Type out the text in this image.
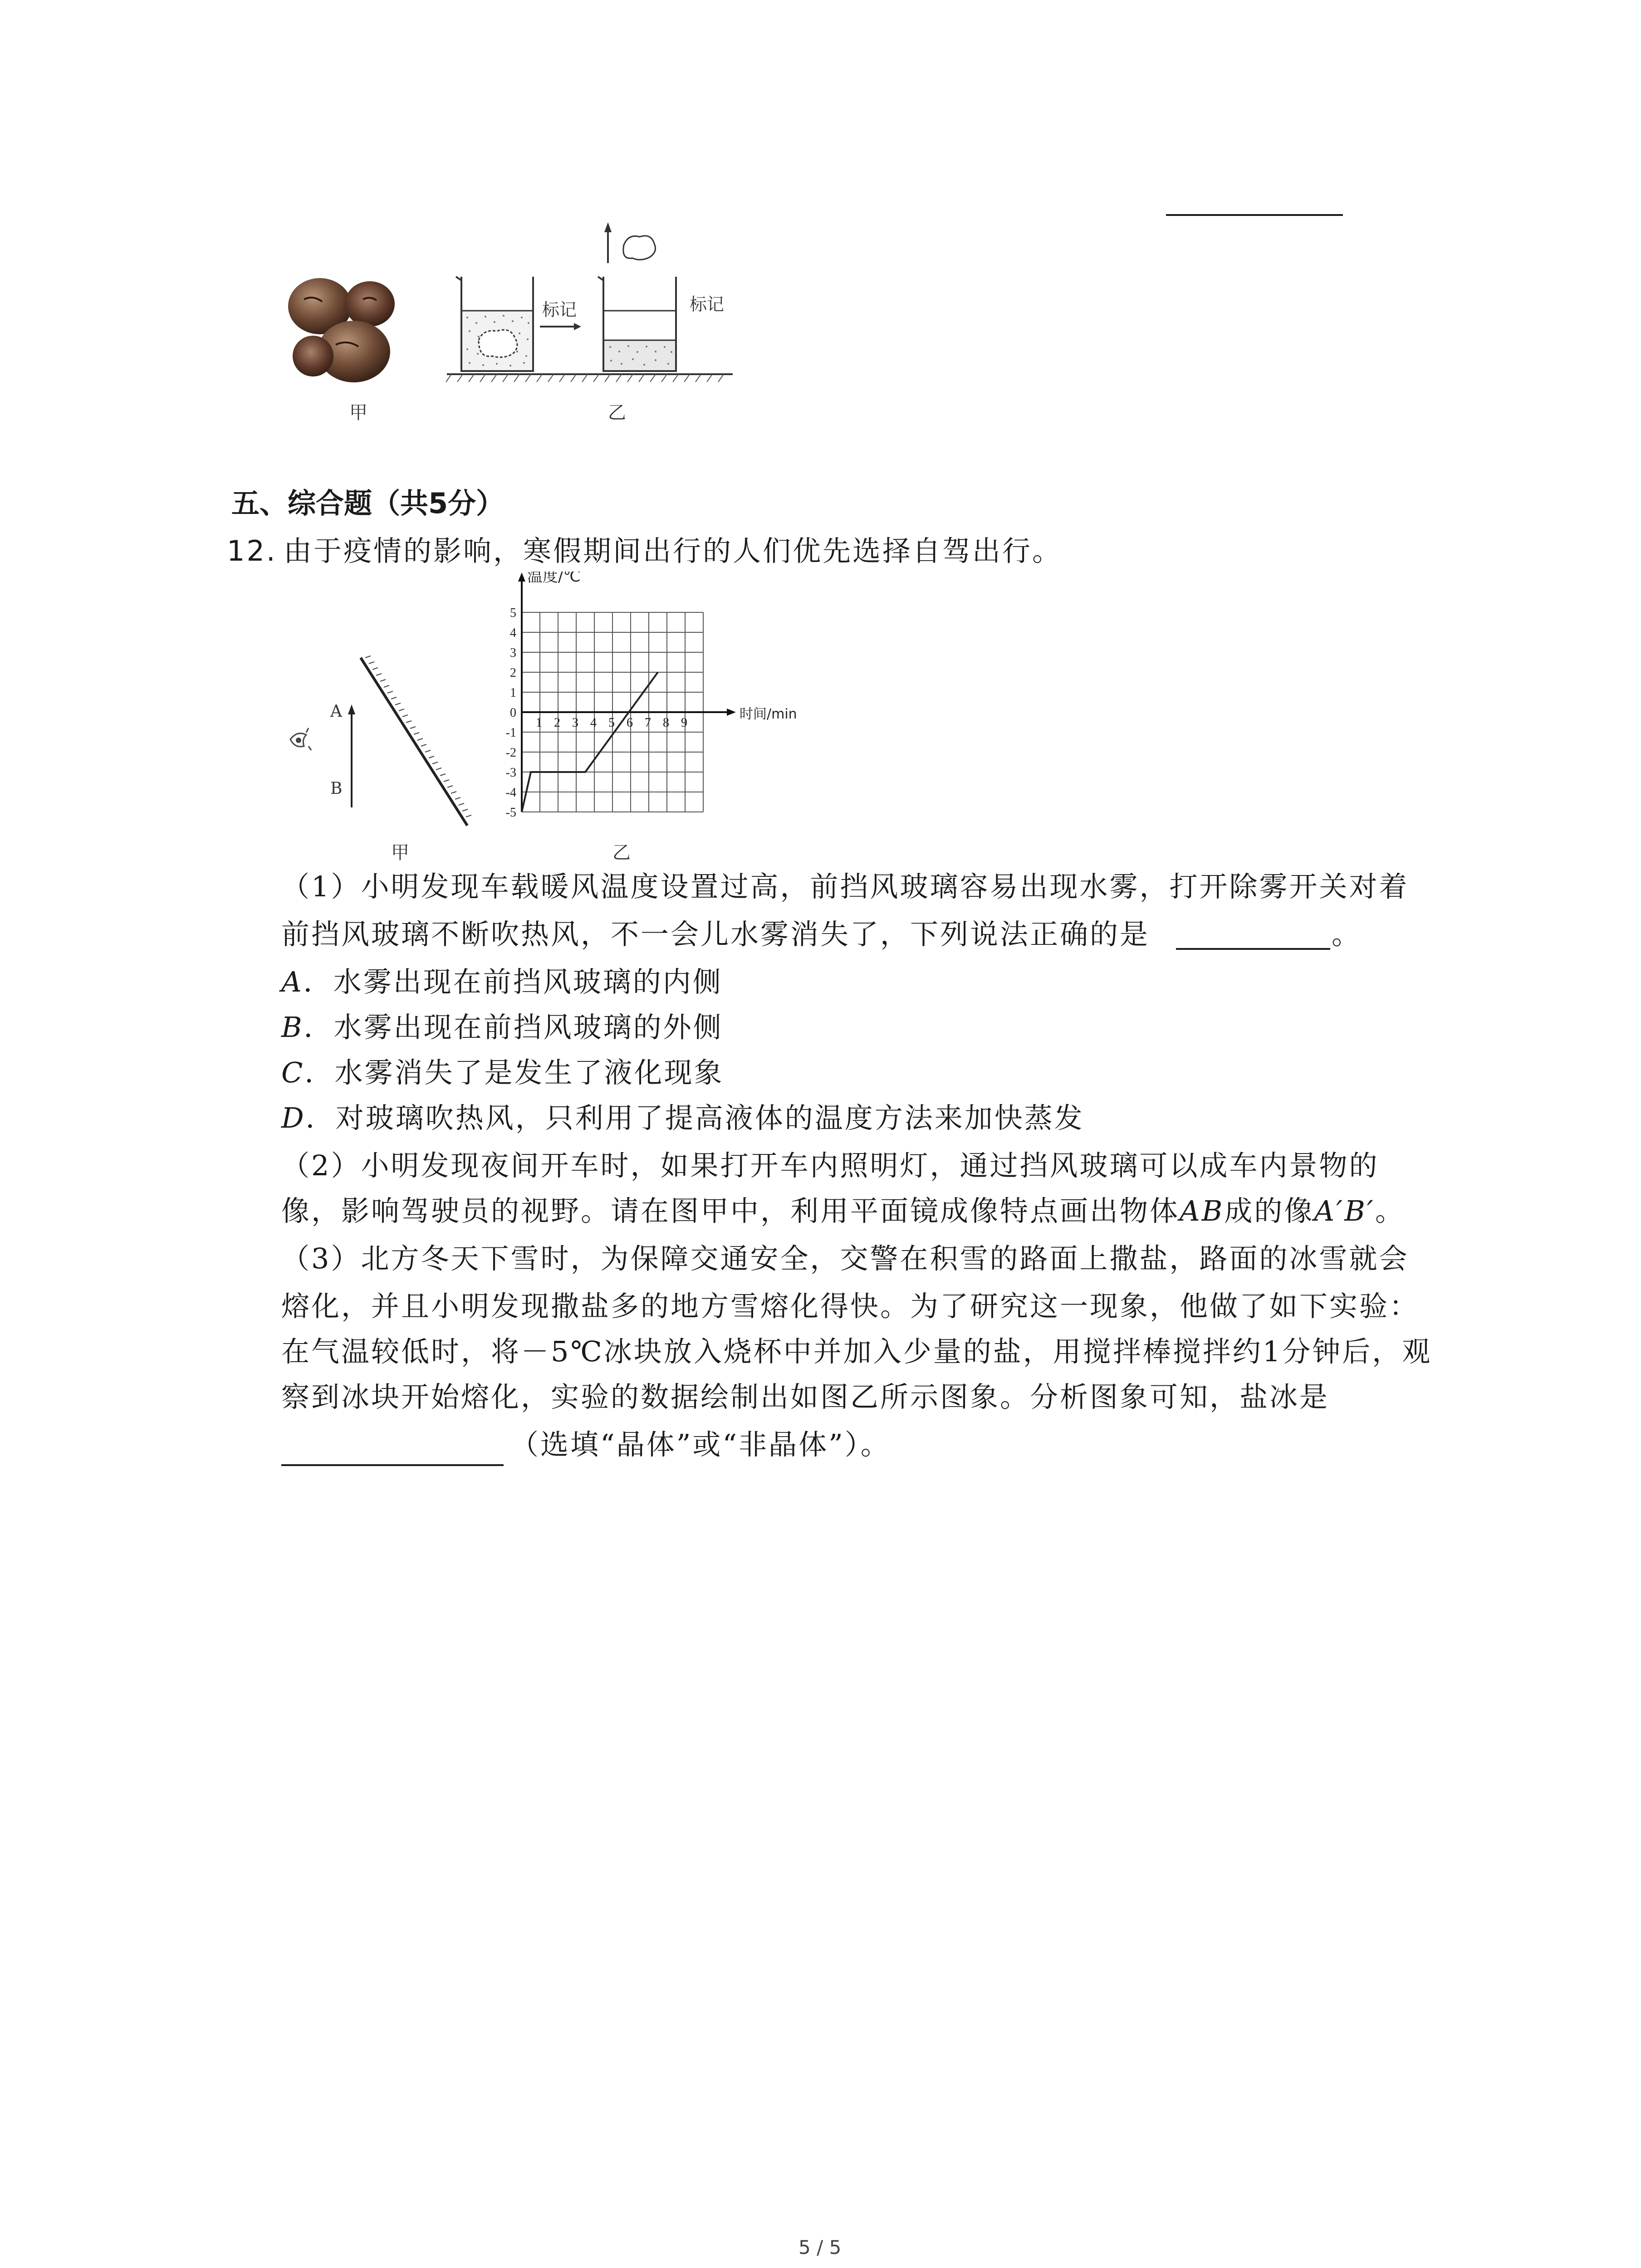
甲
标记	标记
乙
五、综合题（共5分）
12. 由于疫情的影响，寒假期间出行的人们优先选择自驾出行。
A
B
甲
5
4
3
2
1
0
-1
-2
-3
-4
-5
1 2 3 4 5 6 7 8 9
温度/℃
时间/min
乙
（1）小明发现车载暖风温度设置过高，前挡风玻璃容易出现水雾，打开除雾开关对着
前挡风玻璃不断吹热风，不一会儿水雾消失了，下列说法正确的是	。
A．水雾出现在前挡风玻璃的内侧
B．水雾出现在前挡风玻璃的外侧
C．水雾消失了是发生了液化现象
D．对玻璃吹热风，只利用了提高液体的温度方法来加快蒸发
（2）小明发现夜间开车时，如果打开车内照明灯，通过挡风玻璃可以成车内景物的
像，影响驾驶员的视野。请在图甲中，利用平面镜成像特点画出物体AB成的像A′B′。
（3）北方冬天下雪时，为保障交通安全，交警在积雪的路面上撒盐，路面的冰雪就会
熔化，并且小明发现撒盐多的地方雪熔化得快。为了研究这一现象，他做了如下实验：
在气温较低时，将－5℃冰块放入烧杯中并加入少量的盐，用搅拌棒搅拌约1分钟后，观
察到冰块开始熔化，实验的数据绘制出如图乙所示图象。分析图象可知，盐冰是
（选填“晶体”或“非晶体”）。
5 / 5
